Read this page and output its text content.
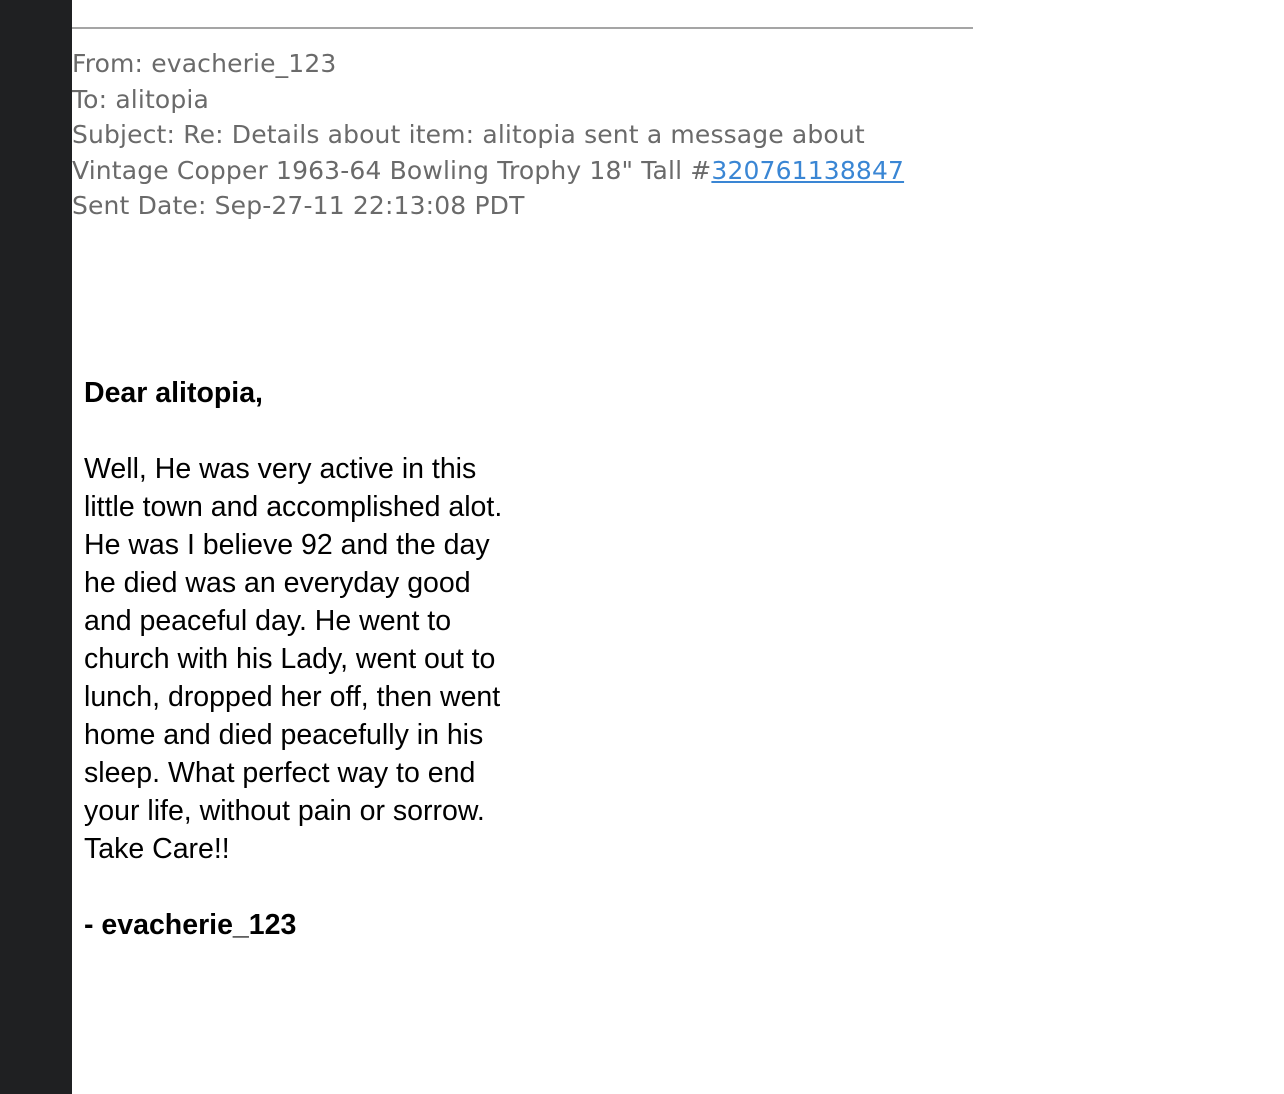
From: evacherie_123
To: alitopia
Subject: Re: Details about item: alitopia sent a message about
Vintage Copper 1963-64 Bowling Trophy 18" Tall #320761138847
Sent Date: Sep-27-11 22:13:08 PDT
Dear alitopia,
Well, He was very active in this little town and accomplished alot. He was I believe 92 and the day he died was an everyday good and peaceful day. He went to church with his Lady, went out to lunch, dropped her off, then went home and died peacefully in his sleep. What perfect way to end your life, without pain or sorrow. Take Care!!
- evacherie_123
